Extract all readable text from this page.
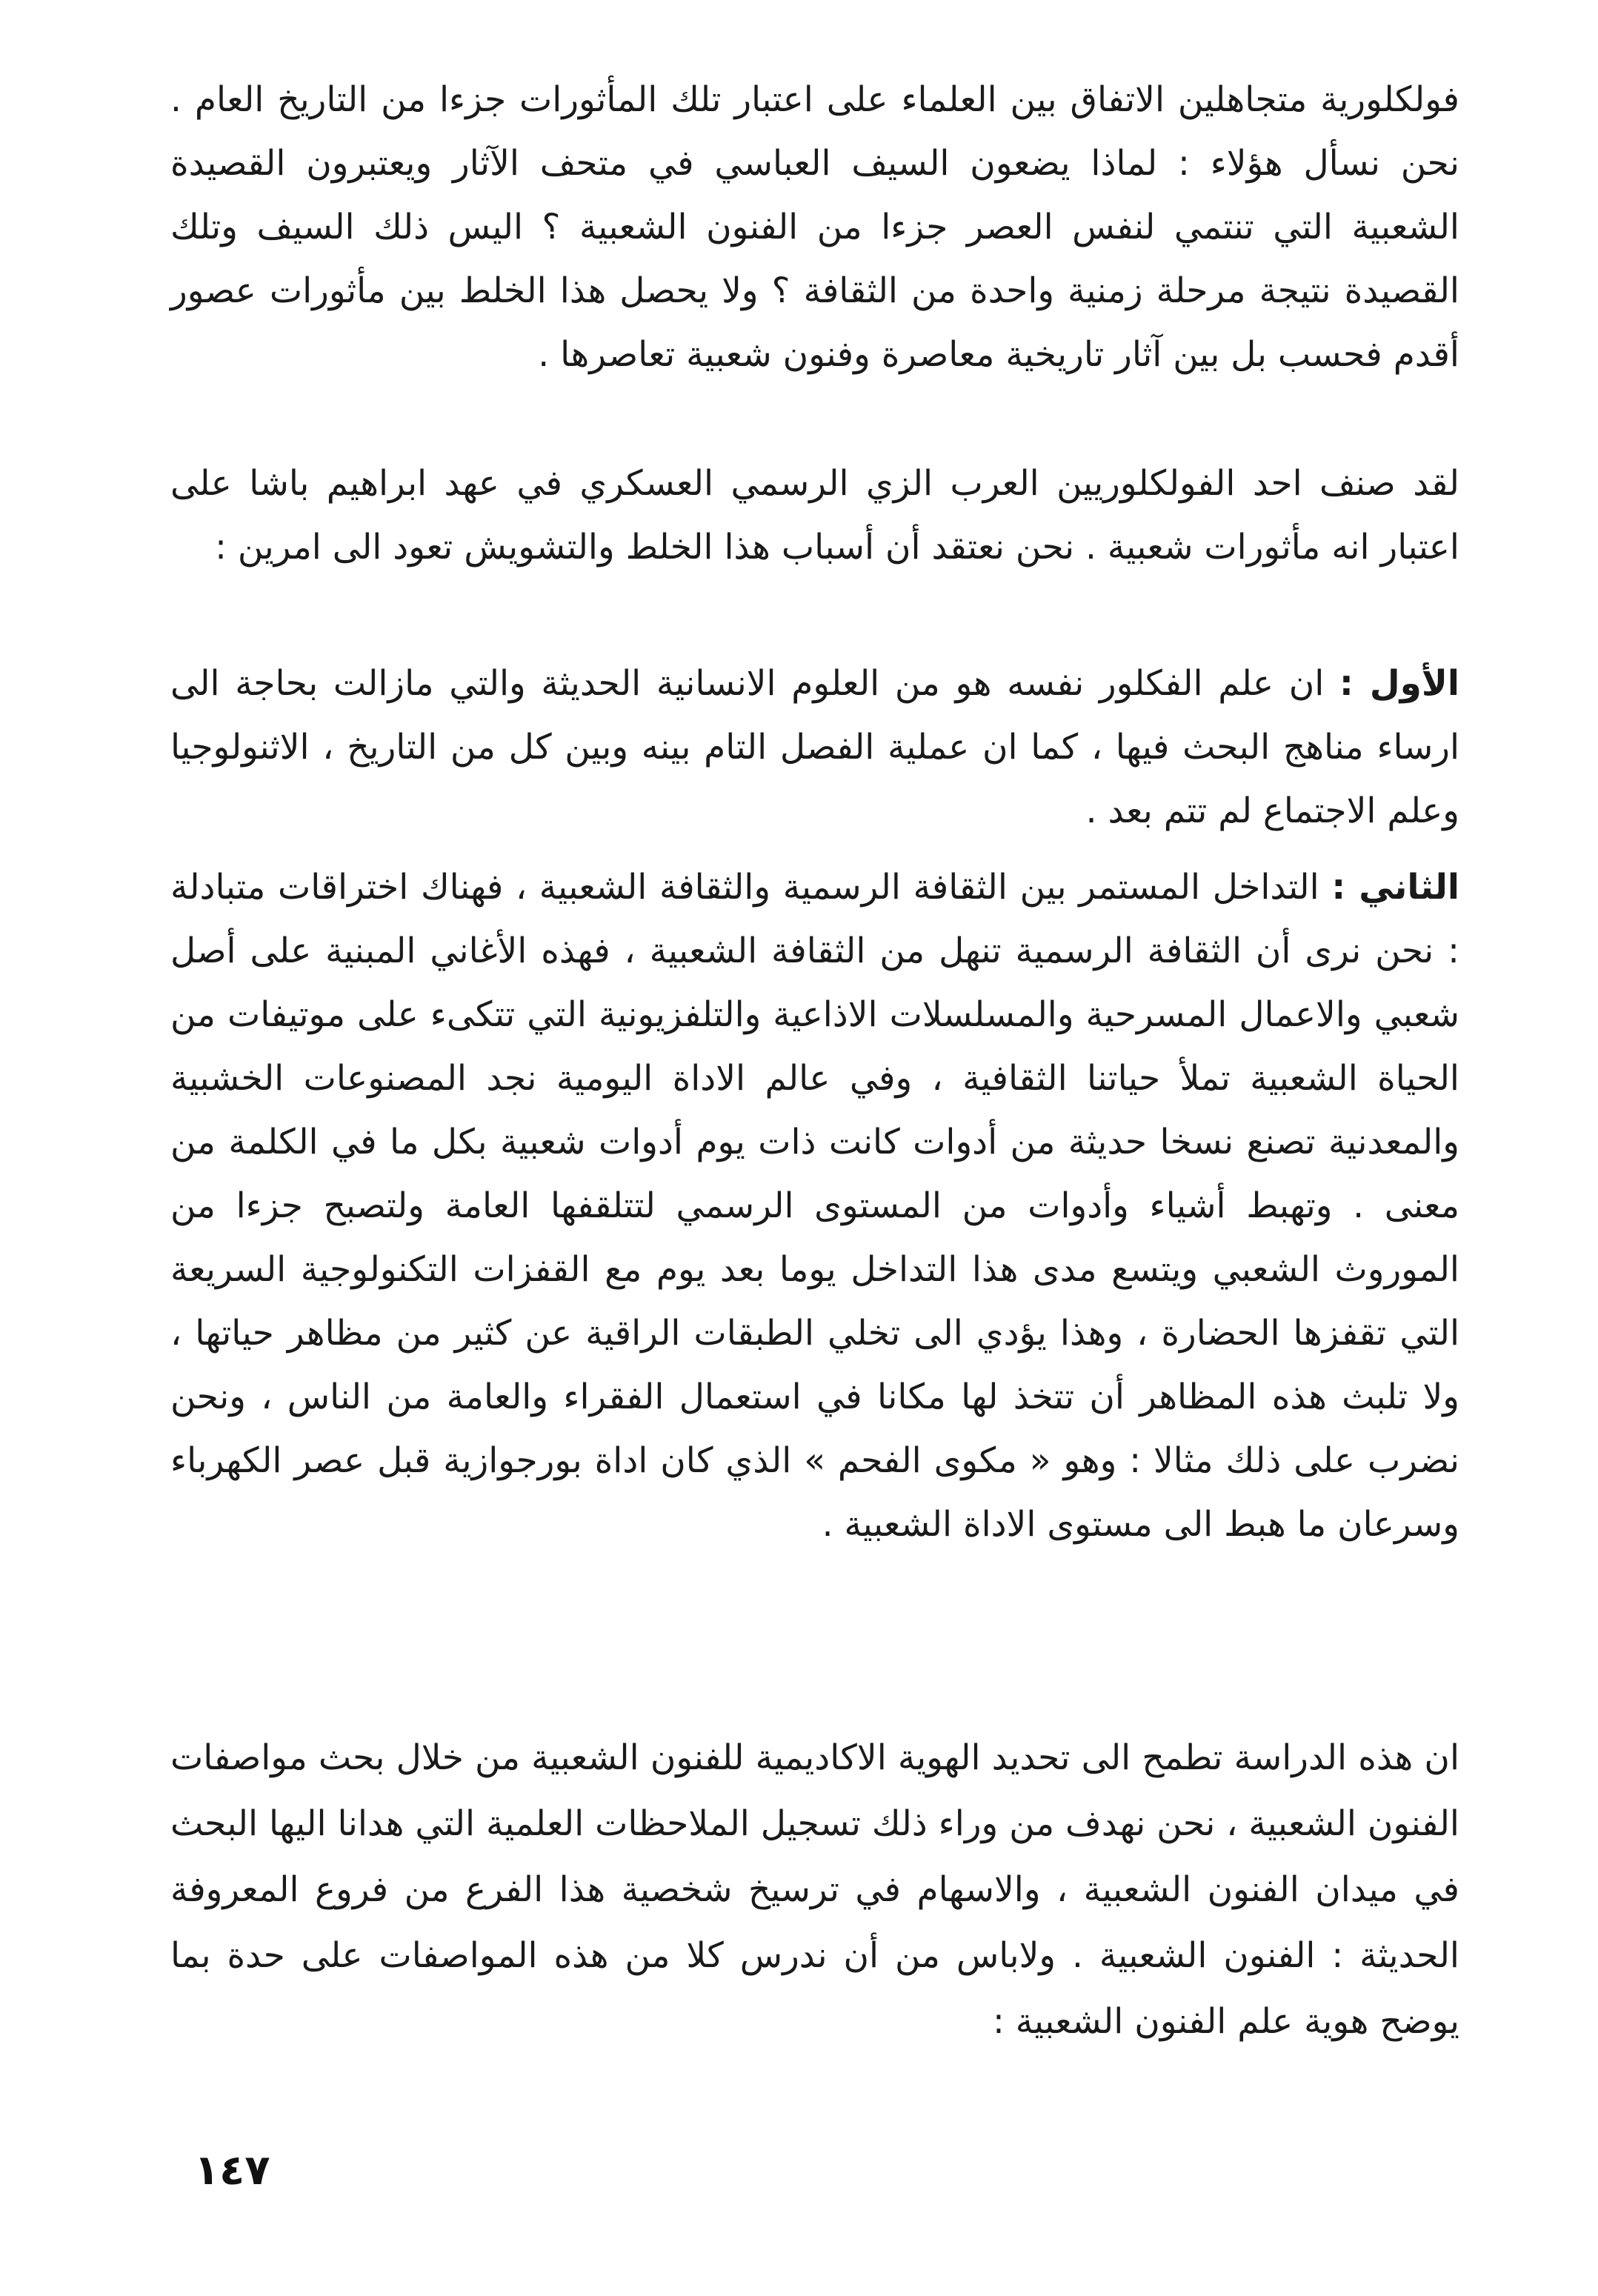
فولكلورية متجاهلين الاتفاق بين العلماء على اعتبار تلك المأثورات جزءا من التاريخ العام . نحن نسأل هؤلاء : لماذا يضعون السيف العباسي في متحف الآثار ويعتبرون القصيدة الشعبية التي تنتمي لنفس العصر جزءا من الفنون الشعبية ؟ اليس ذلك السيف وتلك القصيدة نتيجة مرحلة زمنية واحدة من الثقافة ؟ ولا يحصل هذا الخلط بين مأثورات عصور أقدم فحسب بل بين آثار تاريخية معاصرة وفنون شعبية تعاصرها .

لقد صنف احد الفولكلوريين العرب الزي الرسمي العسكري في عهد ابراهيم باشا على اعتبار انه مأثورات شعبية . نحن نعتقد أن أسباب هذا الخلط والتشويش تعود الى امرين :

الأول : ان علم الفكلور نفسه هو من العلوم الانسانية الحديثة والتي مازالت بحاجة الى ارساء مناهج البحث فيها ، كما ان عملية الفصل التام بينه وبين كل من التاريخ ، الاثنولوجيا وعلم الاجتماع لم تتم بعد .

الثاني : التداخل المستمر بين الثقافة الرسمية والثقافة الشعبية ، فهناك اختراقات متبادلة : نحن نرى أن الثقافة الرسمية تنهل من الثقافة الشعبية ، فهذه الأغاني المبنية على أصل شعبي والاعمال المسرحية والمسلسلات الاذاعية والتلفزيونية التي تتكىء على موتيفات من الحياة الشعبية تملأ حياتنا الثقافية ، وفي عالم الاداة اليومية نجد المصنوعات الخشبية والمعدنية تصنع نسخا حديثة من أدوات كانت ذات يوم أدوات شعبية بكل ما في الكلمة من معنى . وتهبط أشياء وأدوات من المستوى الرسمي لتتلقفها العامة ولتصبح جزءا من الموروث الشعبي ويتسع مدى هذا التداخل يوما بعد يوم مع القفزات التكنولوجية السريعة التي تقفزها الحضارة ، وهذا يؤدي الى تخلي الطبقات الراقية عن كثير من مظاهر حياتها ، ولا تلبث هذه المظاهر أن تتخذ لها مكانا في استعمال الفقراء والعامة من الناس ، ونحن نضرب على ذلك مثالا : وهو « مكوى الفحم » الذي كان اداة بورجوازية قبل عصر الكهرباء وسرعان ما هبط الى مستوى الاداة الشعبية .

ان هذه الدراسة تطمح الى تحديد الهوية الاكاديمية للفنون الشعبية من خلال بحث مواصفات الفنون الشعبية ، نحن نهدف من وراء ذلك تسجيل الملاحظات العلمية التي هدانا اليها البحث في ميدان الفنون الشعبية ، والاسهام في ترسيخ شخصية هذا الفرع من فروع المعروفة الحديثة : الفنون الشعبية . ولاباس من أن ندرس كلا من هذه المواصفات على حدة بما يوضح هوية علم الفنون الشعبية :

١٤٧
